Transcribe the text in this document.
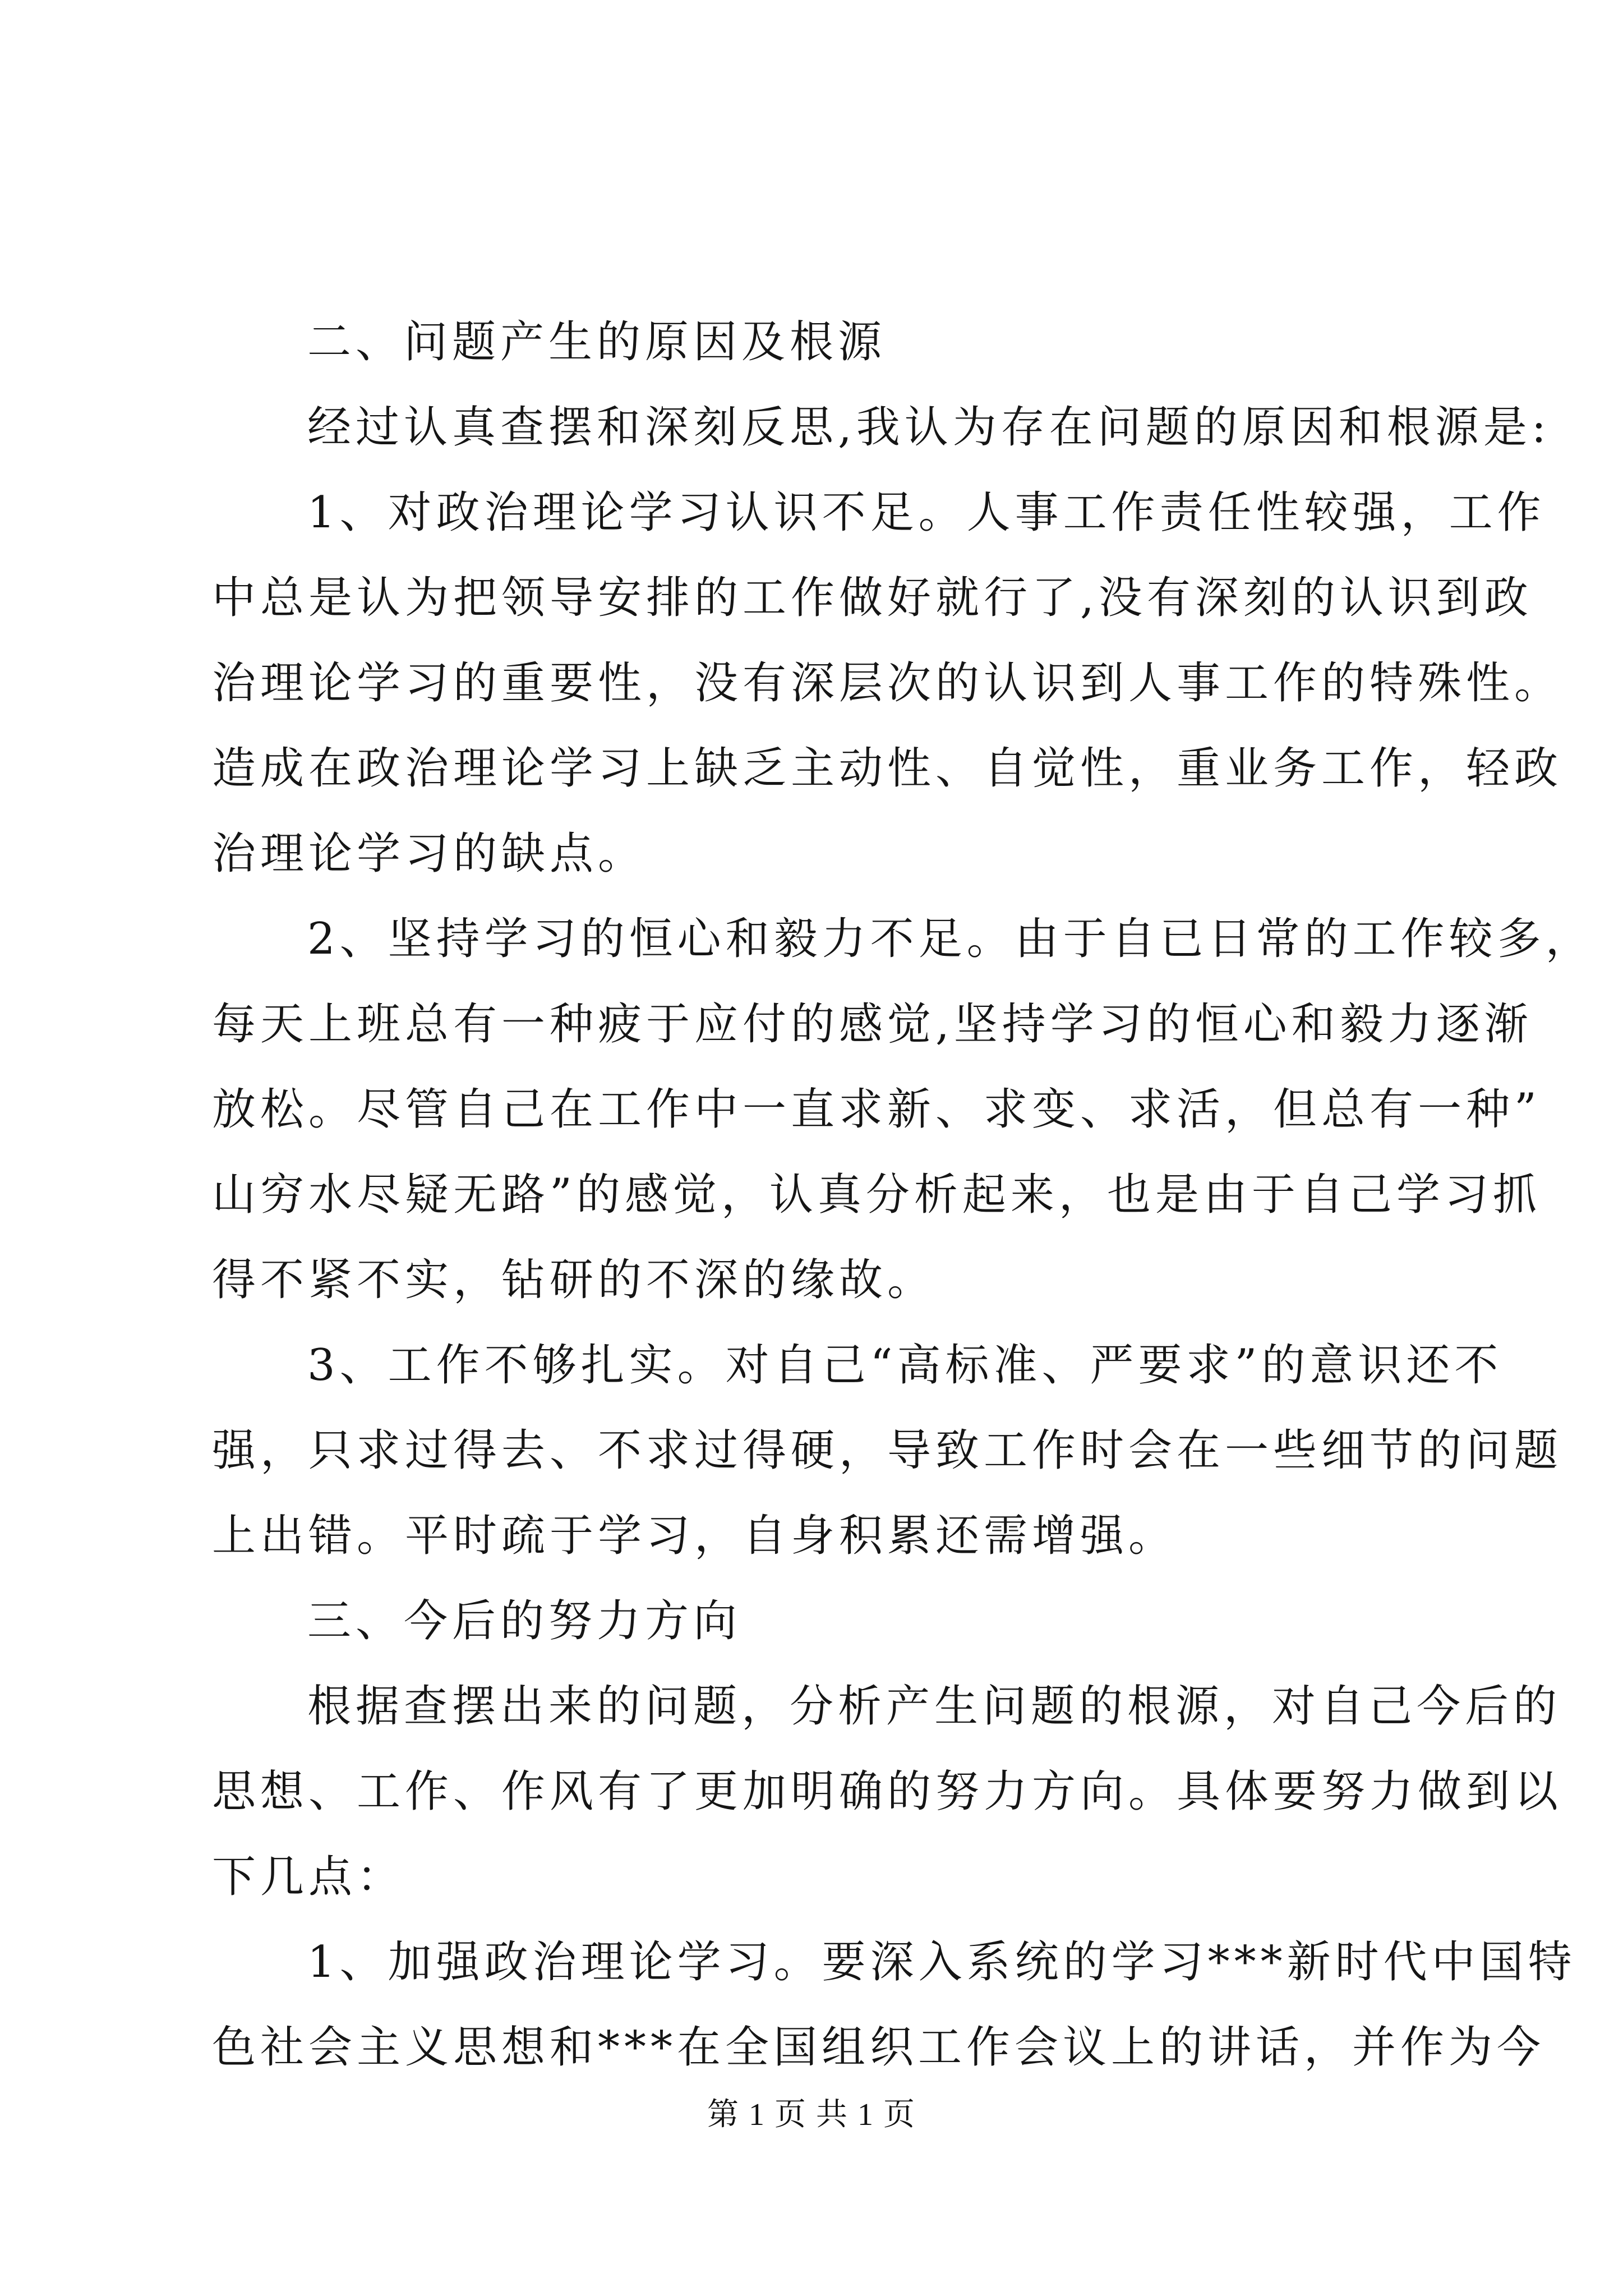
二、问题产生的原因及根源
经过认真查摆和深刻反思,我认为存在问题的原因和根源是:
1、对政治理论学习认识不足。人事工作责任性较强，工作
中总是认为把领导安排的工作做好就行了,没有深刻的认识到政
治理论学习的重要性，没有深层次的认识到人事工作的特殊性。
造成在政治理论学习上缺乏主动性、自觉性，重业务工作，轻政
治理论学习的缺点。
2、坚持学习的恒心和毅力不足。由于自已日常的工作较多，
每天上班总有一种疲于应付的感觉,坚持学习的恒心和毅力逐渐
放松。尽管自己在工作中一直求新、求变、求活，但总有一种”
山穷水尽疑无路”的感觉，认真分析起来，也是由于自己学习抓
得不紧不实，钻研的不深的缘故。
3、工作不够扎实。对自己“高标准、严要求”的意识还不
强，只求过得去、不求过得硬，导致工作时会在一些细节的问题
上出错。平时疏于学习，自身积累还需增强。
三、今后的努力方向
根据查摆出来的问题，分析产生问题的根源，对自己今后的
思想、工作、作风有了更加明确的努力方向。具体要努力做到以
下几点：
1、加强政治理论学习。要深入系统的学习***新时代中国特
色社会主义思想和***在全国组织工作会议上的讲话，并作为今
第 1 页 共 1 页
